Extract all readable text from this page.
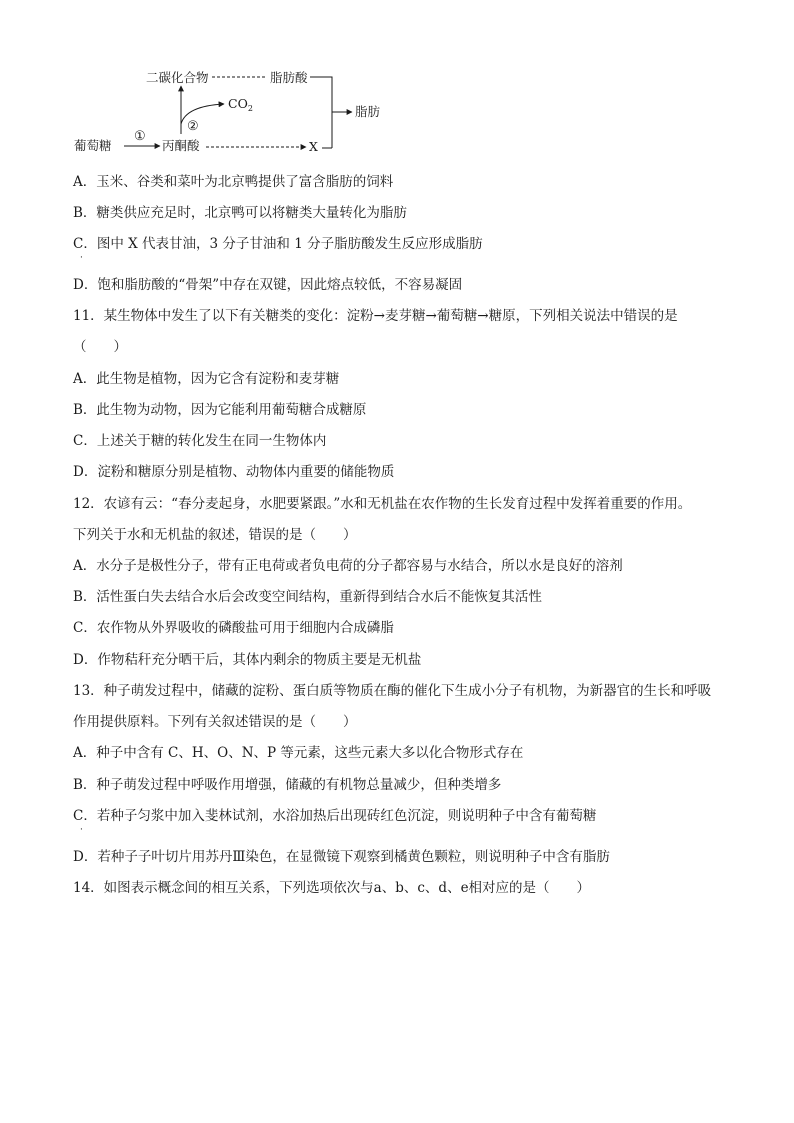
二碳化合物	脂肪酸
脂肪
葡萄糖
①
丙酮酸
②
$CO_2$
X
A．玉米、谷类和菜叶为北京鸭提供了富含脂肪的饲料
B．糖类供应充足时，北京鸭可以将糖类大量转化为脂肪
C．图中 X 代表甘油，3 分子甘油和 1 分子脂肪酸发生反应形成脂肪
·
D．饱和脂肪酸的“骨架”中存在双键，因此熔点较低，不容易凝固
11．某生物体中发生了以下有关糖类的变化：淀粉→麦芽糖→葡萄糖→糖原，下列相关说法中错误的是
（　　）
A．此生物是植物，因为它含有淀粉和麦芽糖
B．此生物为动物，因为它能利用葡萄糖合成糖原
C．上述关于糖的转化发生在同一生物体内
D．淀粉和糖原分别是植物、动物体内重要的储能物质
12．农谚有云：“春分麦起身，水肥要紧跟。”水和无机盐在农作物的生长发育过程中发挥着重要的作用。
下列关于水和无机盐的叙述，错误的是（　　）
A．水分子是极性分子，带有正电荷或者负电荷的分子都容易与水结合，所以水是良好的溶剂
B．活性蛋白失去结合水后会改变空间结构，重新得到结合水后不能恢复其活性
C．农作物从外界吸收的磷酸盐可用于细胞内合成磷脂
D．作物秸秆充分晒干后，其体内剩余的物质主要是无机盐
13．种子萌发过程中，储藏的淀粉、蛋白质等物质在酶的催化下生成小分子有机物，为新器官的生长和呼吸
作用提供原料。下列有关叙述错误的是（　　）
A．种子中含有 C、H、O、N、P 等元素，这些元素大多以化合物形式存在
B．种子萌发过程中呼吸作用增强，储藏的有机物总量减少，但种类增多
C．若种子匀浆中加入斐林试剂，水浴加热后出现砖红色沉淀，则说明种子中含有葡萄糖
·
D．若种子子叶切片用苏丹Ⅲ染色，在显微镜下观察到橘黄色颗粒，则说明种子中含有脂肪
14．如图表示概念间的相互关系，下列选项依次与a、b、c、d、e相对应的是（　　）
